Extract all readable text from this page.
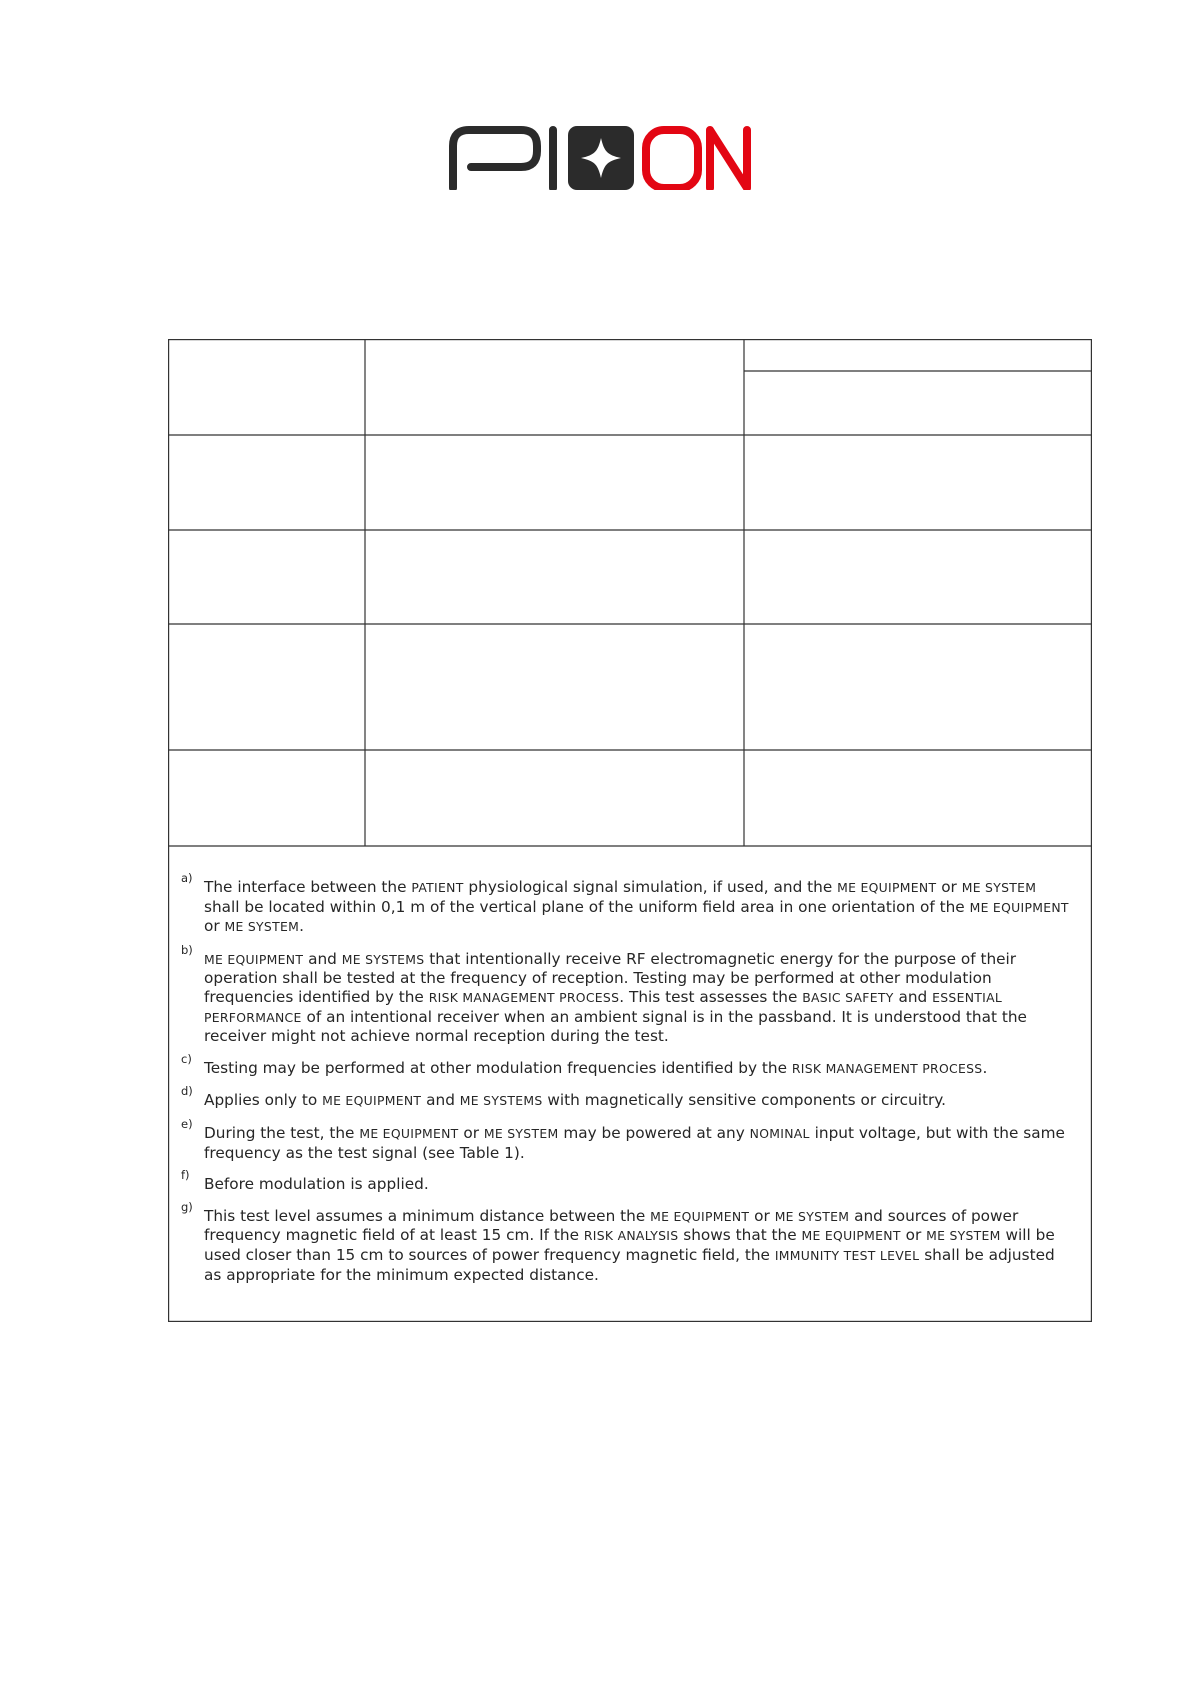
a) The interface between the PATIENT physiological signal simulation, if used, and the ME EQUIPMENT or ME SYSTEM shall be located within 0,1 m of the vertical plane of the uniform field area in one orientation of the ME EQUIPMENT or ME SYSTEM.
b)
ME EQUIPMENT and ME SYSTEMS that intentionally receive RF electromagnetic energy for the purpose of their operation shall be tested at the frequency of reception. Testing may be performed at other modulation frequencies identified by the RISK MANAGEMENT PROCESS. This test assesses the BASIC SAFETY and ESSENTIAL PERFORMANCE of an intentional receiver when an ambient signal is in the passband. It is understood that the receiver might not achieve normal reception during the test.
c) Testing may be performed at other modulation frequencies identified by the RISK MANAGEMENT PROCESS.
d) Applies only to ME EQUIPMENT and ME SYSTEMS with magnetically sensitive components or circuitry.
e) During the test, the ME EQUIPMENT or ME SYSTEM may be powered at any NOMINAL input voltage, but with the same frequency as the test signal (see Table 1).
f) Before modulation is applied.
g) This test level assumes a minimum distance between the ME EQUIPMENT or ME SYSTEM and sources of power frequency magnetic field of at least 15 cm. If the RISK ANALYSIS shows that the ME EQUIPMENT or ME SYSTEM will be used closer than 15 cm to sources of power frequency magnetic field, the IMMUNITY TEST LEVEL shall be adjusted as appropriate for the minimum expected distance.
